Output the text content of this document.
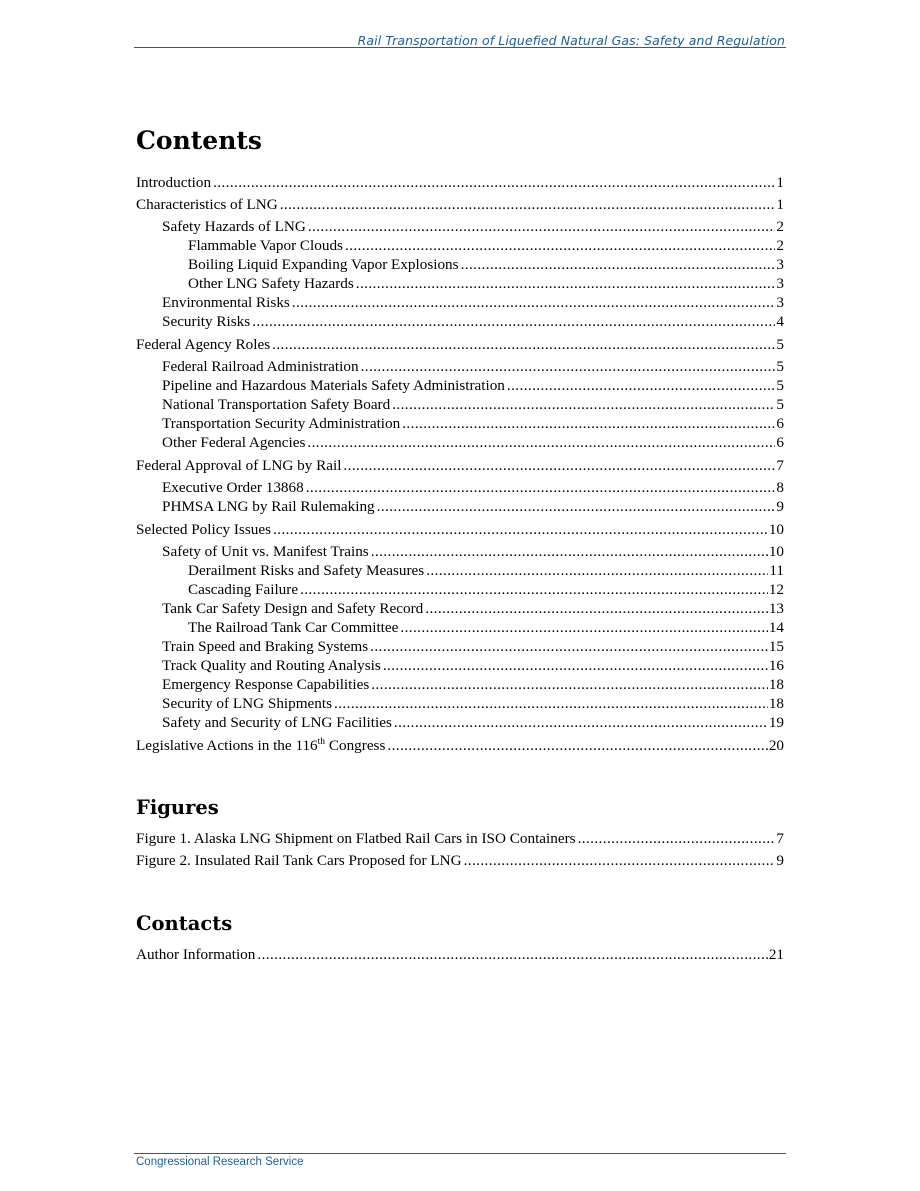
Rail Transportation of Liquefied Natural Gas: Safety and Regulation
Contents
Introduction .....	1
Characteristics of LNG .....	1
Safety Hazards of LNG .....	2
Flammable Vapor Clouds .....	2
Boiling Liquid Expanding Vapor Explosions .....	3
Other LNG Safety Hazards .....	3
Environmental Risks .....	3
Security Risks .....	4
Federal Agency Roles .....	5
Federal Railroad Administration .....	5
Pipeline and Hazardous Materials Safety Administration .....	5
National Transportation Safety Board .....	5
Transportation Security Administration .....	6
Other Federal Agencies .....	6
Federal Approval of LNG by Rail .....	7
Executive Order 13868 .....	8
PHMSA LNG by Rail Rulemaking .....	9
Selected Policy Issues .....	10
Safety of Unit vs. Manifest Trains .....	10
Derailment Risks and Safety Measures .....	11
Cascading Failure .....	12
Tank Car Safety Design and Safety Record .....	13
The Railroad Tank Car Committee .....	14
Train Speed and Braking Systems .....	15
Track Quality and Routing Analysis .....	16
Emergency Response Capabilities .....	18
Security of LNG Shipments .....	18
Safety and Security of LNG Facilities .....	19
Legislative Actions in the 116th Congress .....	20
Figures
Figure 1. Alaska LNG Shipment on Flatbed Rail Cars in ISO Containers .....	7
Figure 2. Insulated Rail Tank Cars Proposed for LNG .....	9
Contacts
Author Information .....	21
Congressional Research Service
